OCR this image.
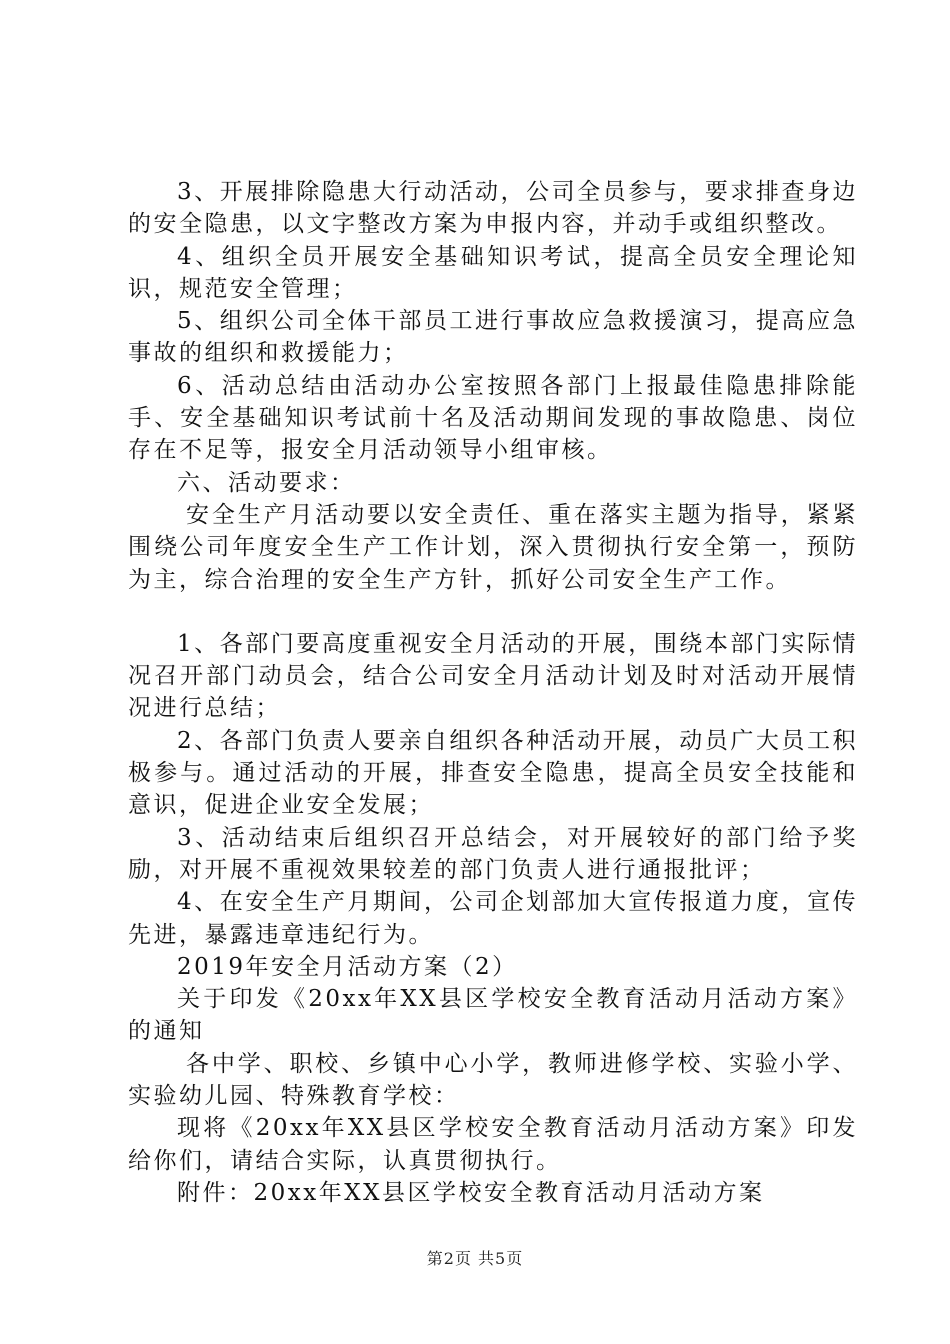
3、开展排除隐患大行动活动，公司全员参与，要求排查身边的安全隐患，以文字整改方案为申报内容，并动手或组织整改。

4、组织全员开展安全基础知识考试，提高全员安全理论知识，规范安全管理；

5、组织公司全体干部员工进行事故应急救援演习，提高应急事故的组织和救援能力；

6、活动总结由活动办公室按照各部门上报最佳隐患排除能手、安全基础知识考试前十名及活动期间发现的事故隐患、岗位存在不足等，报安全月活动领导小组审核。

六、活动要求：

安全生产月活动要以安全责任、重在落实主题为指导，紧紧围绕公司年度安全生产工作计划，深入贯彻执行安全第一，预防为主，综合治理的安全生产方针，抓好公司安全生产工作。

1、各部门要高度重视安全月活动的开展，围绕本部门实际情况召开部门动员会，结合公司安全月活动计划及时对活动开展情况进行总结；

2、各部门负责人要亲自组织各种活动开展，动员广大员工积极参与。通过活动的开展，排查安全隐患，提高全员安全技能和意识，促进企业安全发展；

3、活动结束后组织召开总结会，对开展较好的部门给予奖励，对开展不重视效果较差的部门负责人进行通报批评；

4、在安全生产月期间，公司企划部加大宣传报道力度，宣传先进，暴露违章违纪行为。

2019年安全月活动方案（2）

关于印发《20xx年XX县区学校安全教育活动月活动方案》的通知

各中学、职校、乡镇中心小学，教师进修学校、实验小学、实验幼儿园、特殊教育学校：

现将《20xx年XX县区学校安全教育活动月活动方案》印发给你们，请结合实际，认真贯彻执行。

附件：20xx年XX县区学校安全教育活动月活动方案

第2页 共5页
